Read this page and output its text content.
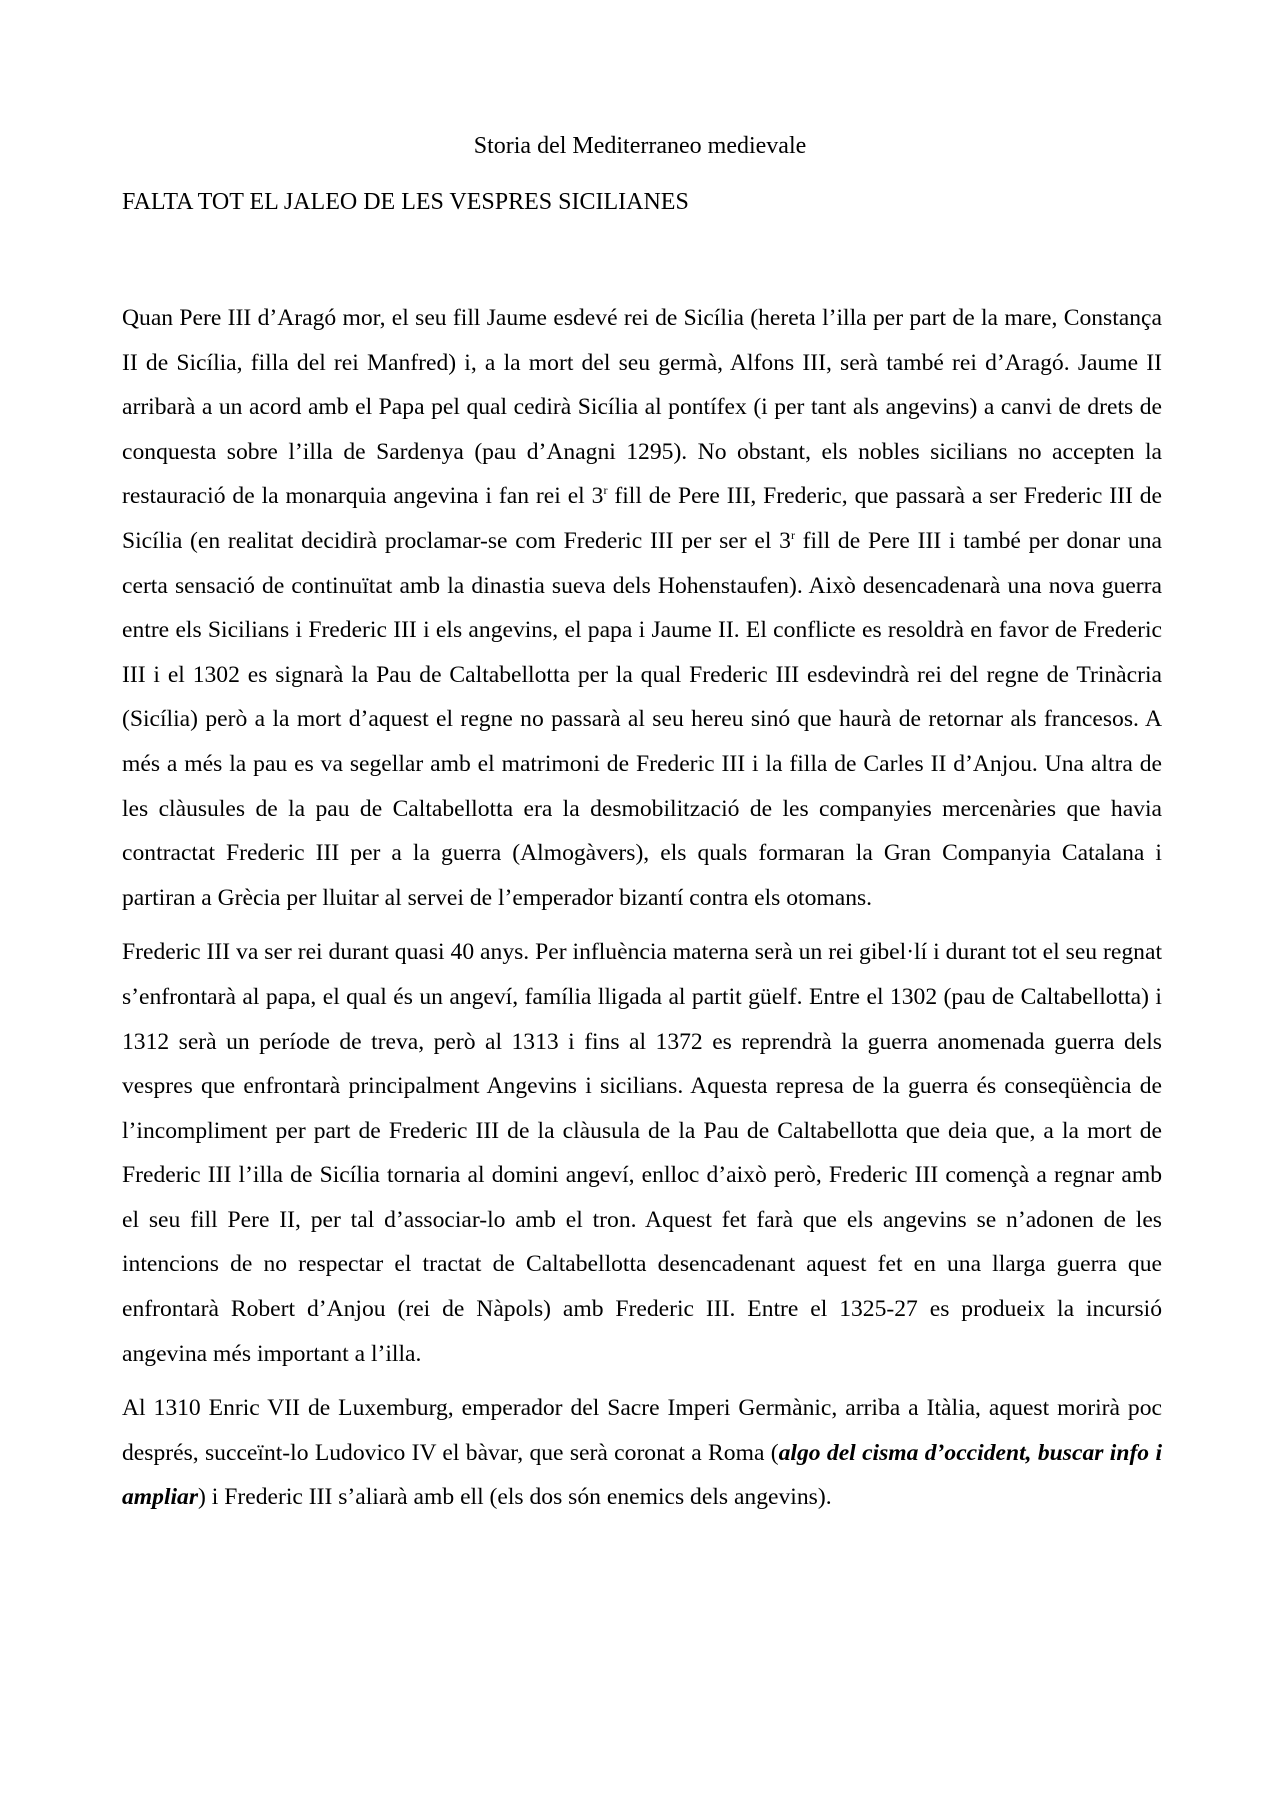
Storia del Mediterraneo medievale
FALTA TOT EL JALEO DE LES VESPRES SICILIANES

Quan Pere III d’Aragó mor, el seu fill Jaume esdevé rei de Sicília (hereta l’illa per part de la mare, Constança II de Sicília, filla del rei Manfred) i, a la mort del seu germà, Alfons III, serà també rei d’Aragó. Jaume II arribarà a un acord amb el Papa pel qual cedirà Sicília al pontífex (i per tant als angevins) a canvi de drets de conquesta sobre l’illa de Sardenya (pau d’Anagni 1295). No obstant, els nobles sicilians no accepten la restauració de la monarquia angevina i fan rei el 3$^r$ fill de Pere III, Frederic, que passarà a ser Frederic III de Sicília (en realitat decidirà proclamar-se com Frederic III per ser el 3$^r$ fill de Pere III i també per donar una certa sensació de continuïtat amb la dinastia sueva dels Hohenstaufen). Això desencadenarà una nova guerra entre els Sicilians i Frederic III i els angevins, el papa i Jaume II. El conflicte es resoldrà en favor de Frederic III i el 1302 es signarà la Pau de Caltabellotta per la qual Frederic III esdevindrà rei del regne de Trinàcria (Sicília) però a la mort d’aquest el regne no passarà al seu hereu sinó que haurà de retornar als francesos. A més a més la pau es va segellar amb el matrimoni de Frederic III i la filla de Carles II d’Anjou. Una altra de les clàusules de la pau de Caltabellotta era la desmobilització de les companyies mercenàries que havia contractat Frederic III per a la guerra (Almogàvers), els quals formaran la Gran Companyia Catalana i partiran a Grècia per lluitar al servei de l’emperador bizantí contra els otomans.

Frederic III va ser rei durant quasi 40 anys. Per influència materna serà un rei gibel·lí i durant tot el seu regnat s’enfrontarà al papa, el qual és un angeví, família lligada al partit güelf. Entre el 1302 (pau de Caltabellotta) i 1312 serà un període de treva, però al 1313 i fins al 1372 es reprendrà la guerra anomenada guerra dels vespres que enfrontarà principalment Angevins i sicilians. Aquesta represa de la guerra és conseqüència de l’incompliment per part de Frederic III de la clàusula de la Pau de Caltabellotta que deia que, a la mort de Frederic III l’illa de Sicília tornaria al domini angeví, enlloc d’això però, Frederic III començà a regnar amb el seu fill Pere II, per tal d’associar-lo amb el tron. Aquest fet farà que els angevins se n’adonen de les intencions de no respectar el tractat de Caltabellotta desencadenant aquest fet en una llarga guerra que enfrontarà Robert d’Anjou (rei de Nàpols) amb Frederic III. Entre el 1325-27 es produeix la incursió angevina més important a l’illa.

Al 1310 Enric VII de Luxemburg, emperador del Sacre Imperi Germànic, arriba a Itàlia, aquest morirà poc després, succeïnt-lo Ludovico IV el bàvar, que serà coronat a Roma (algo del cisma d’occident, buscar info i ampliar) i Frederic III s’aliarà amb ell (els dos són enemics dels angevins).
